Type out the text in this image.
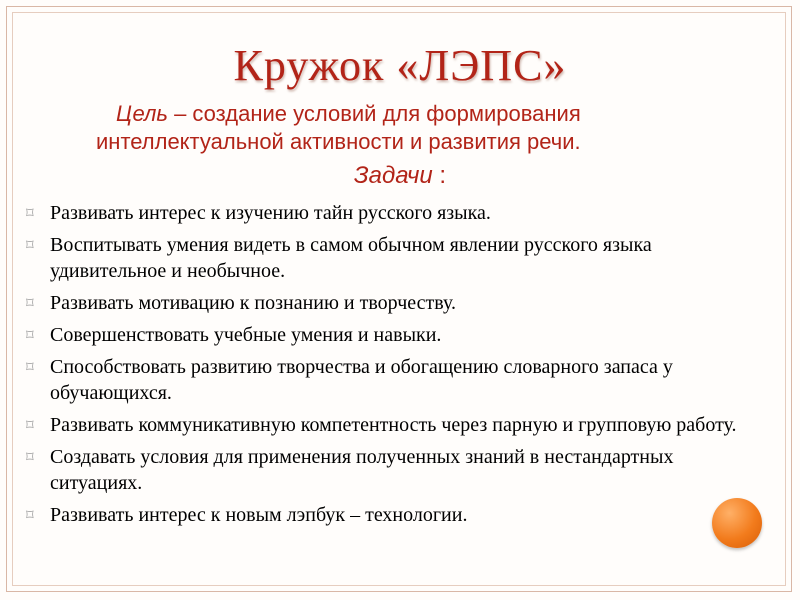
Кружок «ЛЭПС»
Цель – создание условий для формирования интеллектуальной активности и развития речи.
Задачи :
⌑ Развивать интерес к изучению тайн русского языка.
⌑ Воспитывать умения видеть в самом обычном явлении русского языка удивительное и необычное.
⌑ Развивать мотивацию к познанию и творчеству.
⌑ Совершенствовать учебные умения и навыки.
⌑ Способствовать развитию творчества и обогащению словарного запаса у обучающихся.
⌑ Развивать коммуникативную компетентность через парную и групповую работу.
⌑ Создавать условия для применения полученных знаний в нестандартных ситуациях.
⌑ Развивать интерес к новым лэпбук – технологии.
